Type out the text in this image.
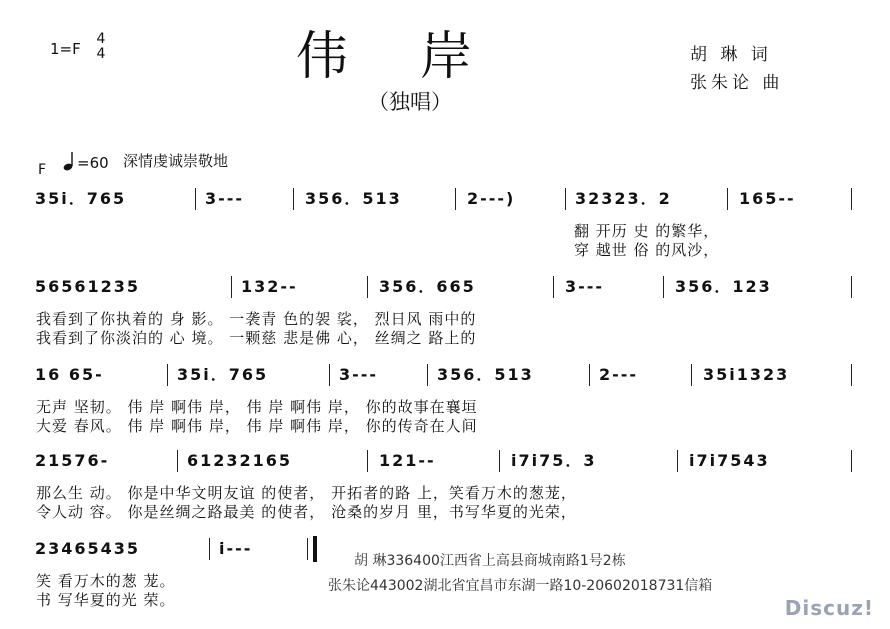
1=F
4
4	伟岸
（独唱）
胡 琳 词
张朱论 曲
F =60 深情虔诚崇敬地
35i．765	3---	356．513	2---)	32323．2	165--
翻 开历 史 的繁华，
穿 越世 俗 的风沙，
56561235	132--	356．665	3---	356．123
我看到了你执着的 身 影。 一袭青 色的袈 裟， 烈日风 雨中的
我看到了你淡泊的 心 境。 一颗慈 悲是佛 心， 丝绸之 路上的
16 65-	35i．765	3---	356．513	2---	35i1323
无声 坚韧。 伟 岸 啊伟 岸， 伟 岸 啊伟 岸， 你的故事在襄垣
大爱 春风。 伟 岸 啊伟 岸， 伟 岸 啊伟 岸， 你的传奇在人间
21576-	61232165	121--	i7i75．3	i7i7543
那么生 动。 你是中华文明友谊 的使者， 开拓者的路 上，笑看万木的葱茏，
令人动 容。 你是丝绸之路最美 的使者， 沧桑的岁月 里，书写华夏的光荣，
23465435	i---
笑 看万木的葱 茏。
书 写华夏的光 荣。
胡 琳336400江西省上高县商城南路1号2栋
张朱论443002湖北省宜昌市东湖一路10-20602018731信箱
Discuz!
